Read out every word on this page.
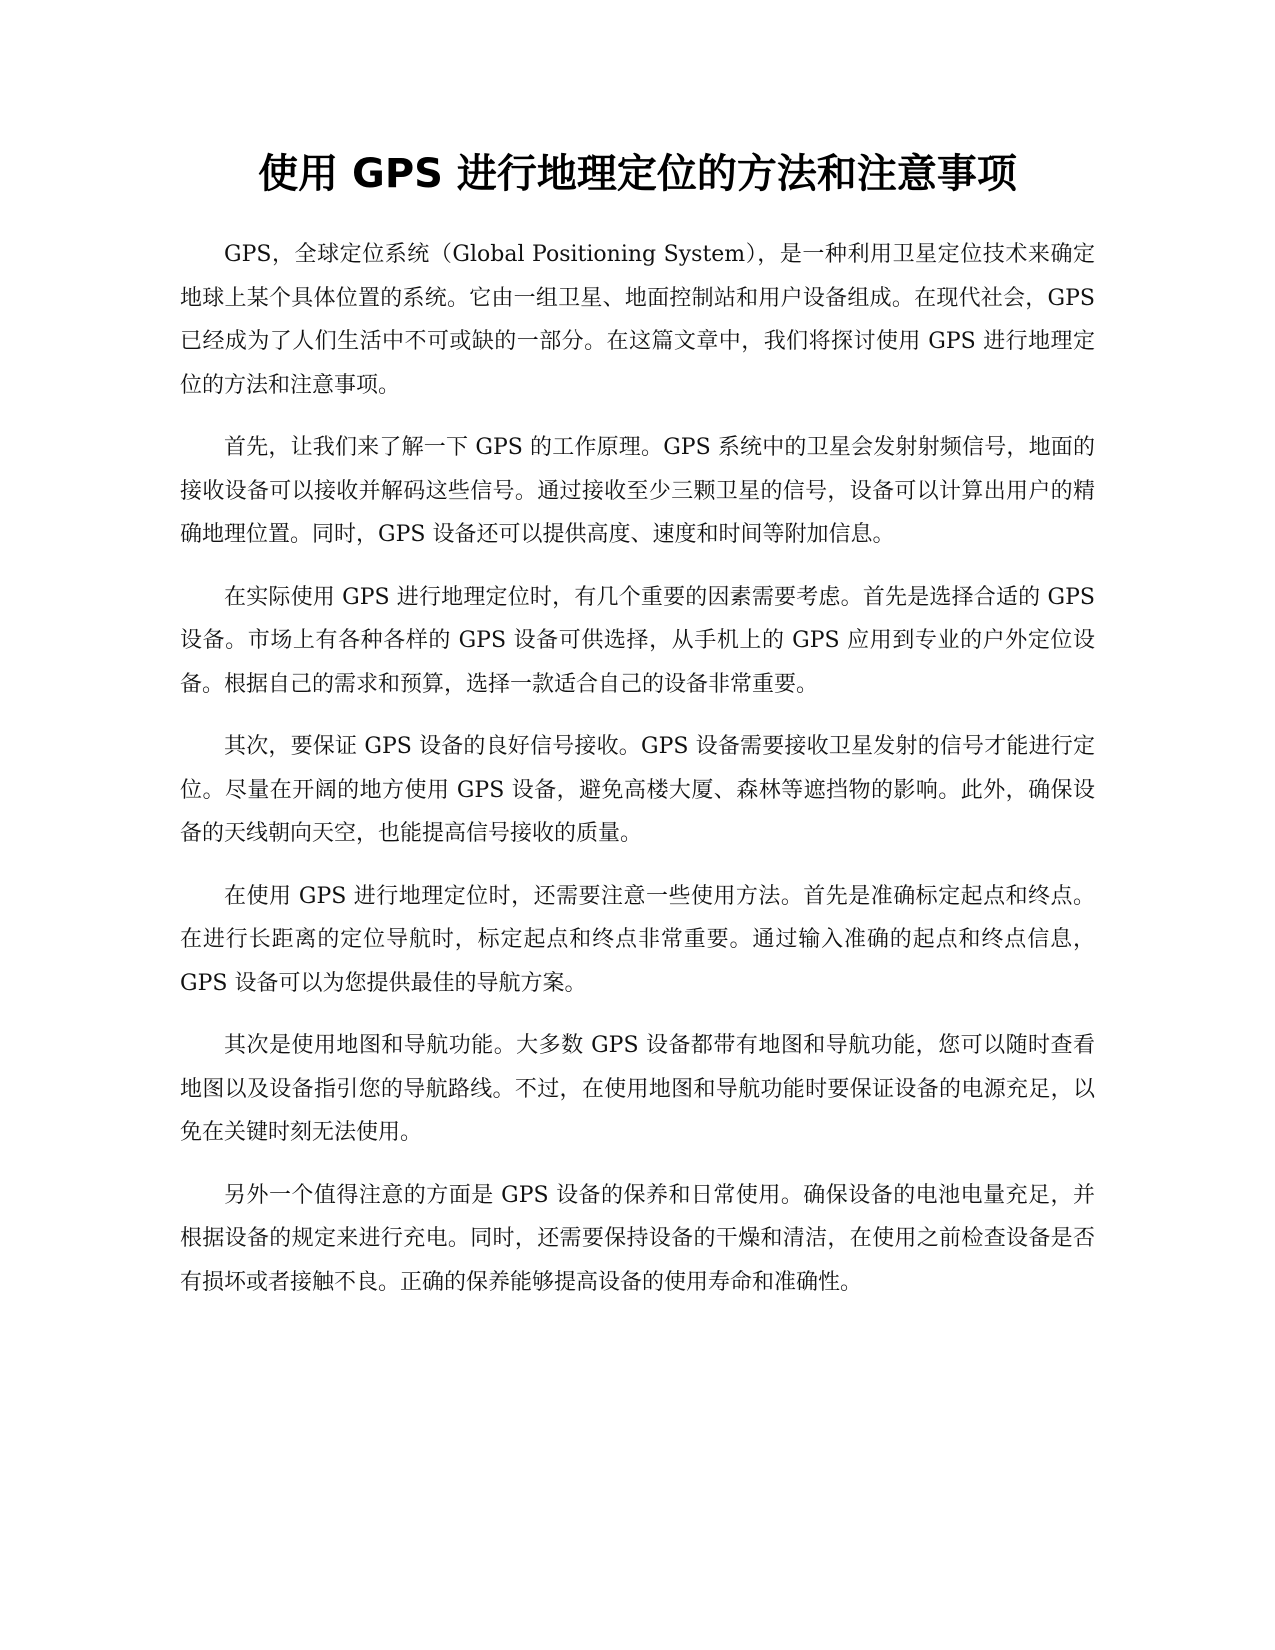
使用 GPS 进行地理定位的方法和注意事项

GPS，全球定位系统（Global Positioning System），是一种利用卫星定位技术来确定地球上某个具体位置的系统。它由一组卫星、地面控制站和用户设备组成。在现代社会，GPS 已经成为了人们生活中不可或缺的一部分。在这篇文章中，我们将探讨使用 GPS 进行地理定位的方法和注意事项。

首先，让我们来了解一下 GPS 的工作原理。GPS 系统中的卫星会发射射频信号，地面的接收设备可以接收并解码这些信号。通过接收至少三颗卫星的信号，设备可以计算出用户的精确地理位置。同时，GPS 设备还可以提供高度、速度和时间等附加信息。

在实际使用 GPS 进行地理定位时，有几个重要的因素需要考虑。首先是选择合适的 GPS 设备。市场上有各种各样的 GPS 设备可供选择，从手机上的 GPS 应用到专业的户外定位设备。根据自己的需求和预算，选择一款适合自己的设备非常重要。

其次，要保证 GPS 设备的良好信号接收。GPS 设备需要接收卫星发射的信号才能进行定位。尽量在开阔的地方使用 GPS 设备，避免高楼大厦、森林等遮挡物的影响。此外，确保设备的天线朝向天空，也能提高信号接收的质量。

在使用 GPS 进行地理定位时，还需要注意一些使用方法。首先是准确标定起点和终点。在进行长距离的定位导航时，标定起点和终点非常重要。通过输入准确的起点和终点信息，GPS 设备可以为您提供最佳的导航方案。

其次是使用地图和导航功能。大多数 GPS 设备都带有地图和导航功能，您可以随时查看地图以及设备指引您的导航路线。不过，在使用地图和导航功能时要保证设备的电源充足，以免在关键时刻无法使用。

另外一个值得注意的方面是 GPS 设备的保养和日常使用。确保设备的电池电量充足，并根据设备的规定来进行充电。同时，还需要保持设备的干燥和清洁，在使用之前检查设备是否有损坏或者接触不良。正确的保养能够提高设备的使用寿命和准确性。
